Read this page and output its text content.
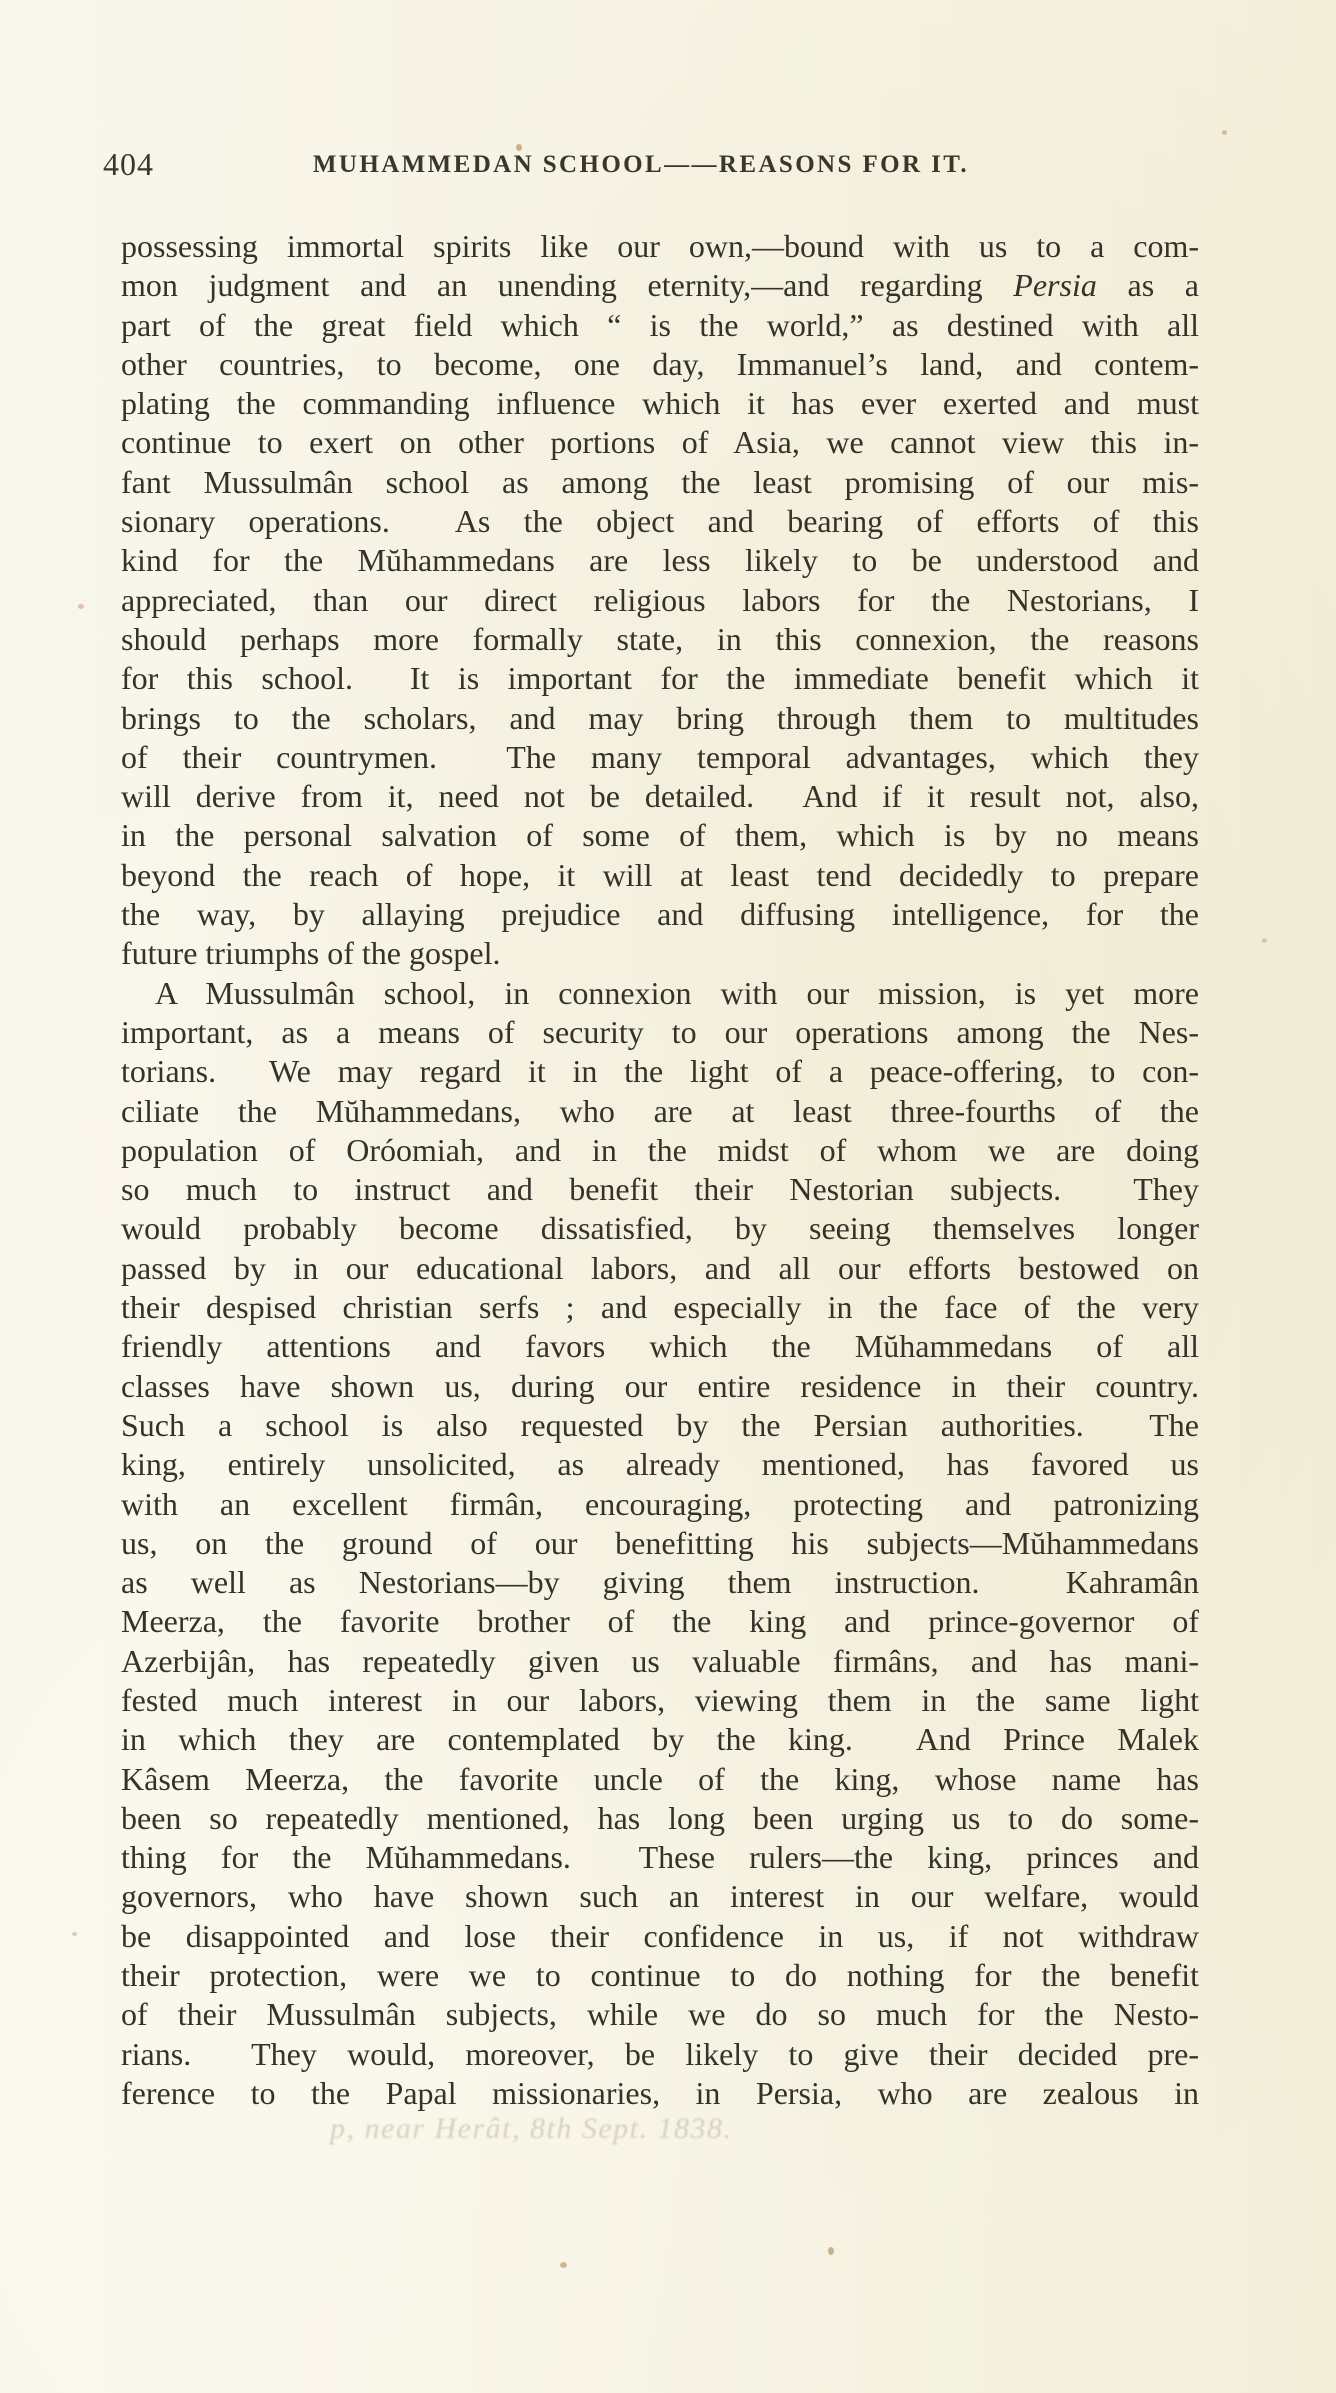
404	MUHAMMEDAN SCHOOL——REASONS FOR IT.
possessing immortal spirits like our own,—bound with us to a com-
mon judgment and an unending eternity,—and regarding Persia as a
part of the great field which “ is the world,” as destined with all
other countries, to become, one day, Immanuel’s land, and contem-
plating the commanding influence which it has ever exerted and must
continue to exert on other portions of Asia, we cannot view this in-
fant Mussulmân school as among the least promising of our mis-
sionary operations.  As the object and bearing of efforts of this
kind for the Mŭhammedans are less likely to be understood and
appreciated, than our direct religious labors for the Nestorians, I
should perhaps more formally state, in this connexion, the reasons
for this school.  It is important for the immediate benefit which it
brings to the scholars, and may bring through them to multitudes
of their countrymen.  The many temporal advantages, which they
will derive from it, need not be detailed.  And if it result not, also,
in the personal salvation of some of them, which is by no means
beyond the reach of hope, it will at least tend decidedly to prepare
the way, by allaying prejudice and diffusing intelligence, for the
future triumphs of the gospel.
A Mussulmân school, in connexion with our mission, is yet more
important, as a means of security to our operations among the Nes-
torians.  We may regard it in the light of a peace-offering, to con-
ciliate the Mŭhammedans, who are at least three-fourths of the
population of Oróomiah, and in the midst of whom we are doing
so much to instruct and benefit their Nestorian subjects.  They
would probably become dissatisfied, by seeing themselves longer
passed by in our educational labors, and all our efforts bestowed on
their despised christian serfs ; and especially in the face of the very
friendly attentions and favors which the Mŭhammedans of all
classes have shown us, during our entire residence in their country.
Such a school is also requested by the Persian authorities.  The
king, entirely unsolicited, as already mentioned, has favored us
with an excellent firmân, encouraging, protecting and patronizing
us, on the ground of our benefitting his subjects—Mŭhammedans
as well as Nestorians—by giving them instruction.  Kahramân
Meerza, the favorite brother of the king and prince-governor of
Azerbijân, has repeatedly given us valuable firmâns, and has mani-
fested much interest in our labors, viewing them in the same light
in which they are contemplated by the king.  And Prince Malek
Kâsem Meerza, the favorite uncle of the king, whose name has
been so repeatedly mentioned, has long been urging us to do some-
thing for the Mŭhammedans.  These rulers—the king, princes and
governors, who have shown such an interest in our welfare, would
be disappointed and lose their confidence in us, if not withdraw
their protection, were we to continue to do nothing for the benefit
of their Mussulmân subjects, while we do so much for the Nesto-
rians.  They would, moreover, be likely to give their decided pre-
ference to the Papal missionaries, in Persia, who are zealous in
p, near Herât, 8th Sept. 1838.
